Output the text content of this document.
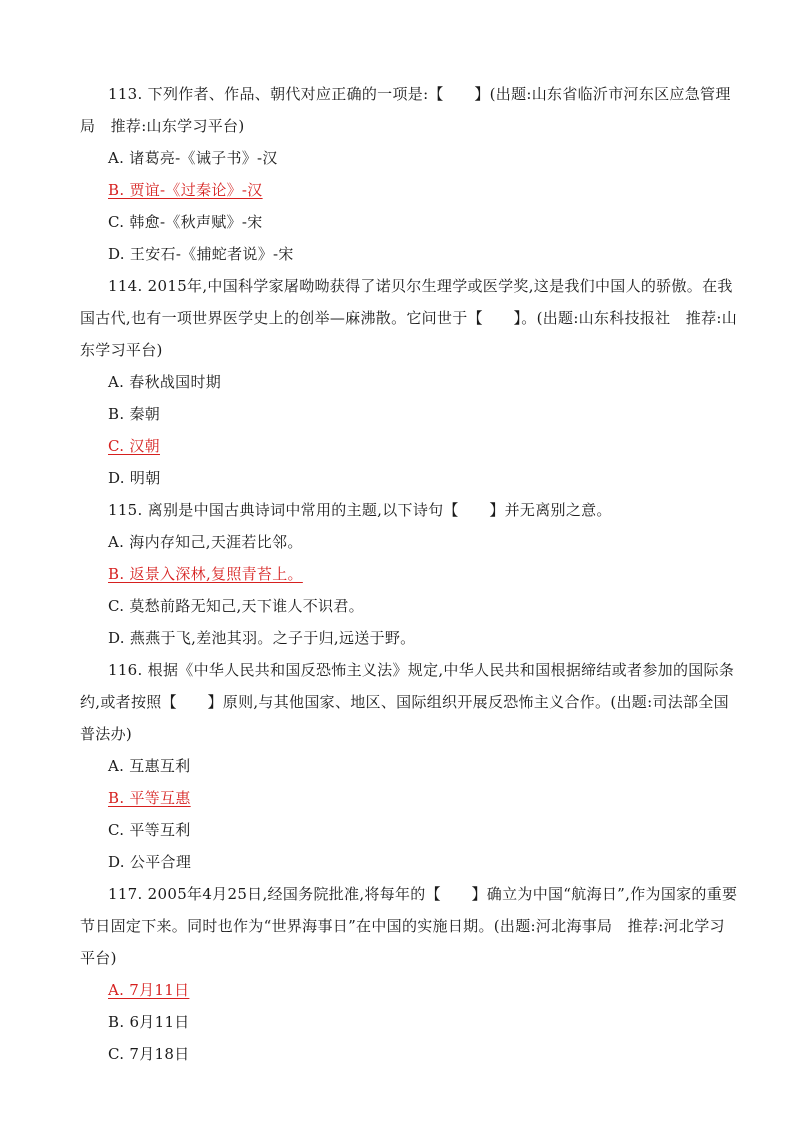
113. 下列作者、作品、朝代对应正确的一项是:【　　】(出题:山东省临沂市河东区应急管理局　推荐:山东学习平台)

A. 诸葛亮-《诫子书》-汉

B. 贾谊-《过秦论》-汉

C. 韩愈-《秋声赋》-宋

D. 王安石-《捕蛇者说》-宋

114. 2015年,中国科学家屠呦呦获得了诺贝尔生理学或医学奖,这是我们中国人的骄傲。在我国古代,也有一项世界医学史上的创举—麻沸散。它问世于【　　】。(出题:山东科技报社　推荐:山东学习平台)

A. 春秋战国时期

B. 秦朝

C. 汉朝

D. 明朝

115. 离别是中国古典诗词中常用的主题,以下诗句【　　】并无离别之意。

A. 海内存知己,天涯若比邻。

B. 返景入深林,复照青苔上。

C. 莫愁前路无知己,天下谁人不识君。

D. 燕燕于飞,差池其羽。之子于归,远送于野。

116. 根据《中华人民共和国反恐怖主义法》规定,中华人民共和国根据缔结或者参加的国际条约,或者按照【　　】原则,与其他国家、地区、国际组织开展反恐怖主义合作。(出题:司法部全国普法办)

A. 互惠互利

B. 平等互惠

C. 平等互利

D. 公平合理

117. 2005年4月25日,经国务院批准,将每年的【　　】确立为中国“航海日”,作为国家的重要节日固定下来。同时也作为“世界海事日”在中国的实施日期。(出题:河北海事局　推荐:河北学习平台)

A. 7月11日

B. 6月11日

C. 7月18日
